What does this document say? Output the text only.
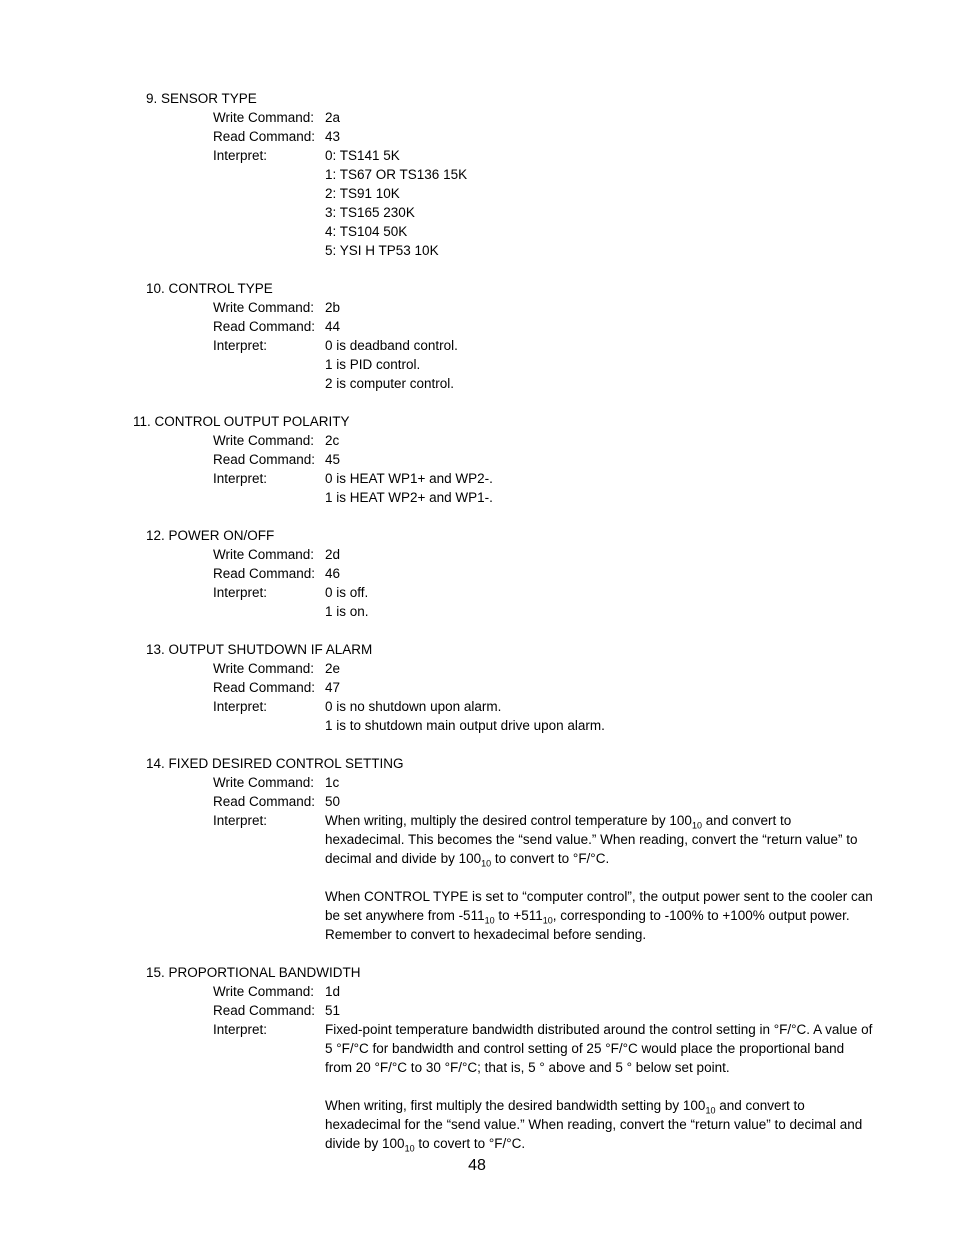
9. SENSOR TYPE
Write Command: 2a
Read Command: 43
Interpret:	0: TS141 5K
1: TS67 OR TS136 15K
2: TS91 10K
3: TS165 230K
4: TS104 50K
5: YSI H TP53 10K
10. CONTROL TYPE
Write Command: 2b
Read Command: 44
Interpret:	0 is deadband control.
1 is PID control.
2 is computer control.
11. CONTROL OUTPUT POLARITY
Write Command: 2c
Read Command: 45
Interpret:	0 is HEAT WP1+ and WP2-.
1 is HEAT WP2+ and WP1-.
12. POWER ON/OFF
Write Command: 2d
Read Command: 46
Interpret:	0 is off.
1 is on.
13. OUTPUT SHUTDOWN IF ALARM
Write Command: 2e
Read Command: 47
Interpret:	0 is no shutdown upon alarm.
1 is to shutdown main output drive upon alarm.
14. FIXED DESIRED CONTROL SETTING
Write Command: 1c
Read Command: 50
Interpret:	When writing, multiply the desired control temperature by $100_{10}$ and convert to hexadecimal. This becomes the “send value.” When reading, convert the “return value” to decimal and divide by $100_{10}$ to convert to °F/°C.

When CONTROL TYPE is set to “computer control”, the output power sent to the cooler can be set anywhere from $-511_{10}$ to $+511_{10}$, corresponding to -100% to +100% output power. Remember to convert to hexadecimal before sending.

15. PROPORTIONAL BANDWIDTH
Write Command: 1d
Read Command: 51
Interpret:	Fixed-point temperature bandwidth distributed around the control setting in °F/°C. A value of 5 °F/°C for bandwidth and control setting of 25 °F/°C would place the proportional band from 20 °F/°C to 30 °F/°C; that is, 5 ° above and 5 ° below set point.

When writing, first multiply the desired bandwidth setting by $100_{10}$ and convert to hexadecimal for the “send value.” When reading, convert the “return value” to decimal and divide by $100_{10}$ to covert to °F/°C.

48
